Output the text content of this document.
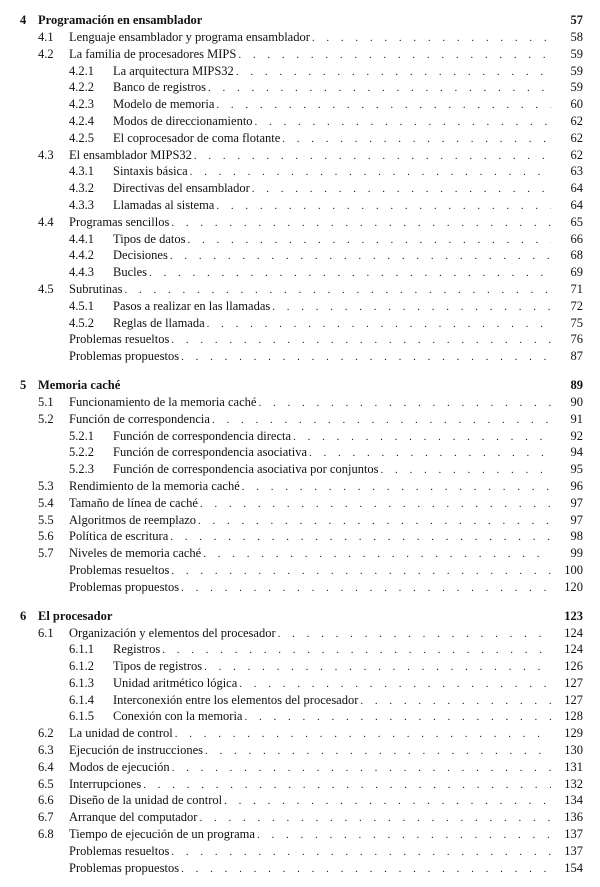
4 Programación en ensamblador	57
4.1 Lenguaje ensamblador y programa ensamblador . . .	58
4.2 La familia de procesadores MIPS . . .	59
4.2.1 La arquitectura MIPS32 . . .	59
4.2.2 Banco de registros . . .	59
4.2.3 Modelo de memoria . . .	60
4.2.4 Modos de direccionamiento . . .	62
4.2.5 El coprocesador de coma flotante . . .	62
4.3 El ensamblador MIPS32 . . .	62
4.3.1 Sintaxis básica . . .	63
4.3.2 Directivas del ensamblador . . .	64
4.3.3 Llamadas al sistema . . .	64
4.4 Programas sencillos . . .	65
4.4.1 Tipos de datos . . .	66
4.4.2 Decisiones . . .	68
4.4.3 Bucles . . .	69
4.5 Subrutinas . . .	71
4.5.1 Pasos a realizar en las llamadas . . .	72
4.5.2 Reglas de llamada . . .	75
Problemas resueltos . . .	76
Problemas propuestos . . .	87
5 Memoria caché	89
5.1 Funcionamiento de la memoria caché . . .	90
5.2 Función de correspondencia . . .	91
5.2.1 Función de correspondencia directa . . .	92
5.2.2 Función de correspondencia asociativa . . .	94
5.2.3 Función de correspondencia asociativa por conjuntos . . .	95
5.3 Rendimiento de la memoria caché . . .	96
5.4 Tamaño de línea de caché . . .	97
5.5 Algoritmos de reemplazo . . .	97
5.6 Política de escritura . . .	98
5.7 Niveles de memoria caché . . .	99
Problemas resueltos . . .	100
Problemas propuestos . . .	120
6 El procesador	123
6.1 Organización y elementos del procesador . . .	124
6.1.1 Registros . . .	124
6.1.2 Tipos de registros . . .	126
6.1.3 Unidad aritmético lógica . . .	127
6.1.4 Interconexión entre los elementos del procesador . . .	127
6.1.5 Conexión con la memoria . . .	128
6.2 La unidad de control . . .	129
6.3 Ejecución de instrucciones . . .	130
6.4 Modos de ejecución . . .	131
6.5 Interrupciones . . .	132
6.6 Diseño de la unidad de control . . .	134
6.7 Arranque del computador . . .	136
6.8 Tiempo de ejecución de un programa . . .	137
Problemas resueltos . . .	137
Problemas propuestos . . .	154
